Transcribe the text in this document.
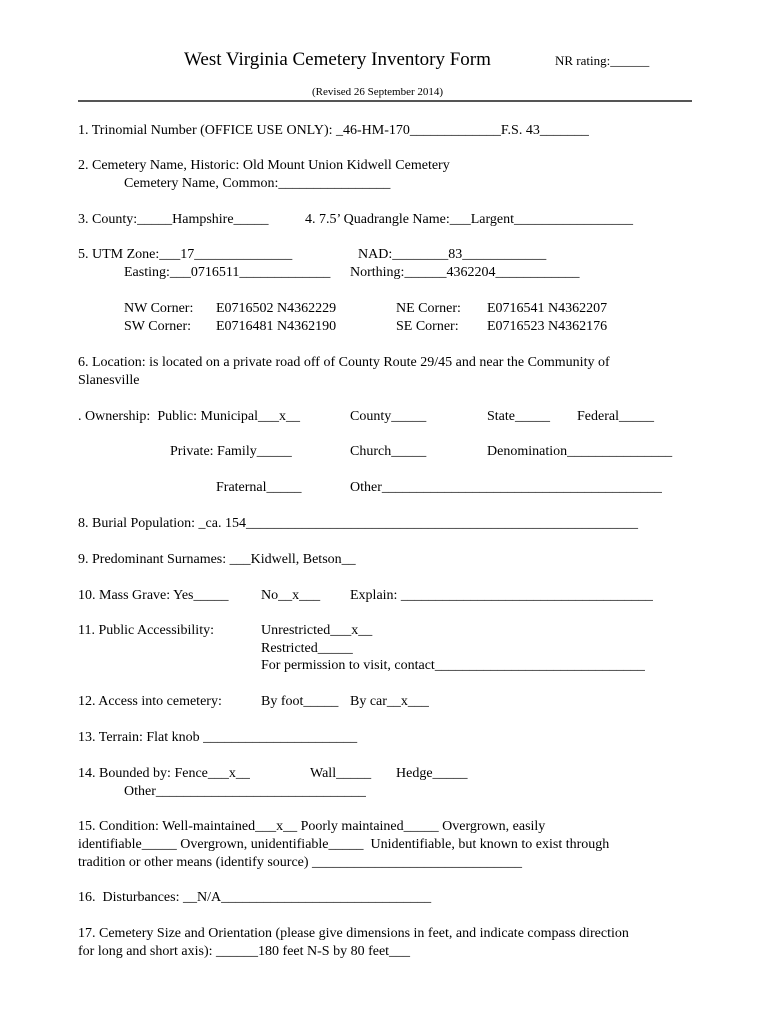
West Virginia Cemetery Inventory Form	NR rating:______
(Revised 26 September 2014)
1. Trinomial Number (OFFICE USE ONLY): _46-HM-170_____________F.S. 43_______
2. Cemetery Name, Historic: Old Mount Union Kidwell Cemetery
Cemetery Name, Common:________________
3. County:_____Hampshire_____	4. 7.5’ Quadrangle Name:___Largent_________________
5. UTM Zone:___17______________	NAD:________83____________
Easting:___0716511_____________ Northing:______4362204____________
NW Corner: E0716502 N4362229	NE Corner: E0716541 N4362207
SW Corner: E0716481 N4362190	SE Corner: E0716523 N4362176
6. Location: is located on a private road off of County Route 29/45 and near the Community of
Slanesville
. Ownership:  Public: Municipal___x__	County_____	State_____ Federal_____
Private: Family_____	Church_____	Denomination_______________
Fraternal_____	Other________________________________________
8. Burial Population: _ca. 154________________________________________________________
9. Predominant Surnames: ___Kidwell, Betson__
10. Mass Grave: Yes_____ No__x___ Explain: ____________________________________
11. Public Accessibility:	Unrestricted___x__
Restricted_____
For permission to visit, contact______________________________
12. Access into cemetery:	By foot_____ By car__x___
13. Terrain: Flat knob ______________________
14. Bounded by: Fence___x__	Wall_____ Hedge_____
Other______________________________
15. Condition: Well-maintained___x__ Poorly maintained_____ Overgrown, easily
identifiable_____ Overgrown, unidentifiable_____  Unidentifiable, but known to exist through
tradition or other means (identify source) ______________________________
16.  Disturbances: __N/A______________________________
17. Cemetery Size and Orientation (please give dimensions in feet, and indicate compass direction
for long and short axis): ______180 feet N-S by 80 feet___
